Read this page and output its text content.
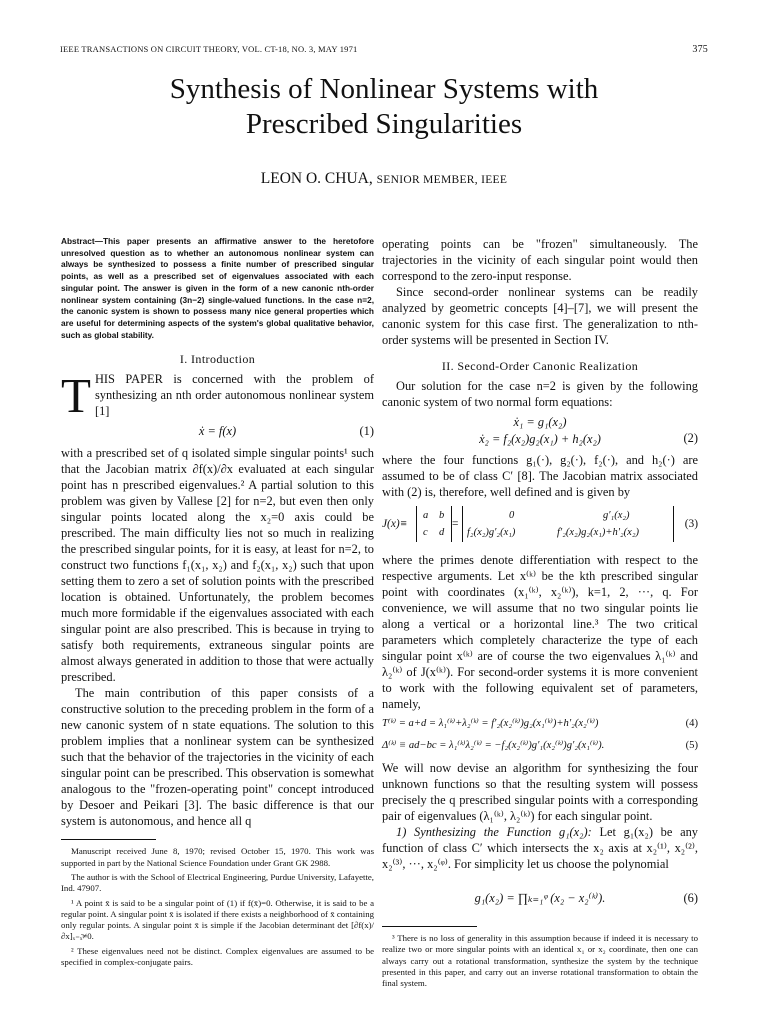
IEEE TRANSACTIONS ON CIRCUIT THEORY, VOL. CT-18, NO. 3, MAY 1971	375
Synthesis of Nonlinear Systems with
Prescribed Singularities
LEON O. CHUA, SENIOR MEMBER, IEEE

Abstract—This paper presents an affirmative answer to the heretofore unresolved question as to whether an autonomous nonlinear system can always be synthesized to possess a finite number of prescribed singular points, as well as a prescribed set of eigenvalues associated with each singular point. The answer is given in the form of a new canonic nth-order nonlinear system containing (3n−2) single-valued functions. In the case n=2, the canonic system is shown to possess many nice general properties which are useful for determining aspects of the system's global qualitative behavior, such as global stability.

I. Introduction
T HIS PAPER is concerned with the problem of synthesizing an nth order autonomous nonlinear system [1]

ẋ = f(x)	(1)

with a prescribed set of q isolated simple singular points¹ such that the Jacobian matrix ∂f(x)/∂x evaluated at each singular point has n prescribed eigenvalues.² A partial solution to this problem was given by Vallese [2] for n=2, but even then only singular points located along the x₂=0 axis could be prescribed. The main difficulty lies not so much in realizing the prescribed singular points, for it is easy, at least for n=2, to construct two functions f₁(x₁, x₂) and f₂(x₁, x₂) such that upon setting them to zero a set of solution points with the prescribed location is obtained. Unfortunately, the problem becomes much more formidable if the eigenvalues associated with each singular point are also prescribed. This is because in trying to satisfy both requirements, extraneous singular points are almost always generated in addition to those that were actually prescribed.

The main contribution of this paper consists of a constructive solution to the preceding problem in the form of a new canonic system of n state equations. The solution to this problem implies that a nonlinear system can be synthesized such that the behavior of the trajectories in the vicinity of each singular point can be prescribed. This observation is somewhat analogous to the "frozen-operating point" concept introduced by Desoer and Peikari [3]. The basic difference is that our system is autonomous, and hence all q

Manuscript received June 8, 1970; revised October 15, 1970. This work was supported in part by the National Science Foundation under Grant GK 2988.

The author is with the School of Electrical Engineering, Purdue University, Lafayette, Ind. 47907.

¹ A point x̄ is said to be a singular point of (1) if f(x̄)=0. Otherwise, it is said to be a regular point. A singular point x̄ is isolated if there exists a neighborhood of x̄ containing only regular points. A singular point x̄ is simple if the Jacobian determinant det [∂f(x)/∂x]ₓ₌ₓ̄≠0.

² These eigenvalues need not be distinct. Complex eigenvalues are assumed to be specified in complex-conjugate pairs.

operating points can be "frozen" simultaneously. The trajectories in the vicinity of each singular point would then correspond to the zero-input response.

Since second-order nonlinear systems can be readily analyzed by geometric concepts [4]–[7], we will present the canonic system for this case first. The generalization to nth-order systems will be presented in Section IV.

II. Second-Order Canonic Realization

Our solution for the case n=2 is given by the following canonic system of two normal form equations:

ẋ₁ = g₁(x₂)
ẋ₂ = f₂(x₂)g₂(x₁) + h₂(x₂)	(2)

where the four functions g₁(·), g₂(·), f₂(·), and h₂(·) are assumed to be of class C′ [8]. The Jacobian matrix associated with (2) is, therefore, well defined and is given by

J(x)≡
a b
c d
=
0	g′₁(x₂)
f₂(x₂)g′₂(x₁)	f′₂(x₂)g₂(x₁)+h′₂(x₂)
(3)

where the primes denote differentiation with respect to the respective arguments. Let x⁽ᵏ⁾ be the kth prescribed singular point with coordinates (x₁⁽ᵏ⁾, x₂⁽ᵏ⁾), k=1, 2, ···, q. For convenience, we will assume that no two singular points lie along a vertical or a horizontal line.³ The two critical parameters which completely characterize the type of each singular point x⁽ᵏ⁾ are of course the two eigenvalues λ₁⁽ᵏ⁾ and λ₂⁽ᵏ⁾ of J(x⁽ᵏ⁾). For second-order systems it is more convenient to work with the following equivalent set of parameters, namely,

T⁽ᵏ⁾ = a+d = λ₁⁽ᵏ⁾+λ₂⁽ᵏ⁾ = f′₂(x₂⁽ᵏ⁾)g₂(x₁⁽ᵏ⁾)+h′₂(x₂⁽ᵏ⁾)	(4)
Δ⁽ᵏ⁾ ≡ ad−bc = λ₁⁽ᵏ⁾λ₂⁽ᵏ⁾ = −f₂(x₂⁽ᵏ⁾)g′₁(x₂⁽ᵏ⁾)g′₂(x₁⁽ᵏ⁾).	(5)

We will now devise an algorithm for synthesizing the four unknown functions so that the resulting system will possess precisely the q prescribed singular points with a corresponding pair of eigenvalues (λ₁⁽ᵏ⁾, λ₂⁽ᵏ⁾) for each singular point.

1) Synthesizing the Function g₁(x₂): Let g₁(x₂) be any function of class C′ which intersects the x₂ axis at x₂⁽¹⁾, x₂⁽²⁾, x₂⁽³⁾, ···, x₂⁽ᵠ⁾. For simplicity let us choose the polynomial

g₁(x₂) = ∏ₖ₌₁ᵠ (x₂ − x₂⁽ᵏ⁾).	(6)

³ There is no loss of generality in this assumption because if indeed it is necessary to realize two or more singular points with an identical x₁ or x₂ coordinate, then one can always carry out a rotational transformation, synthesize the system by the technique presented in this paper, and carry out an inverse rotational transformation to obtain the final system.
